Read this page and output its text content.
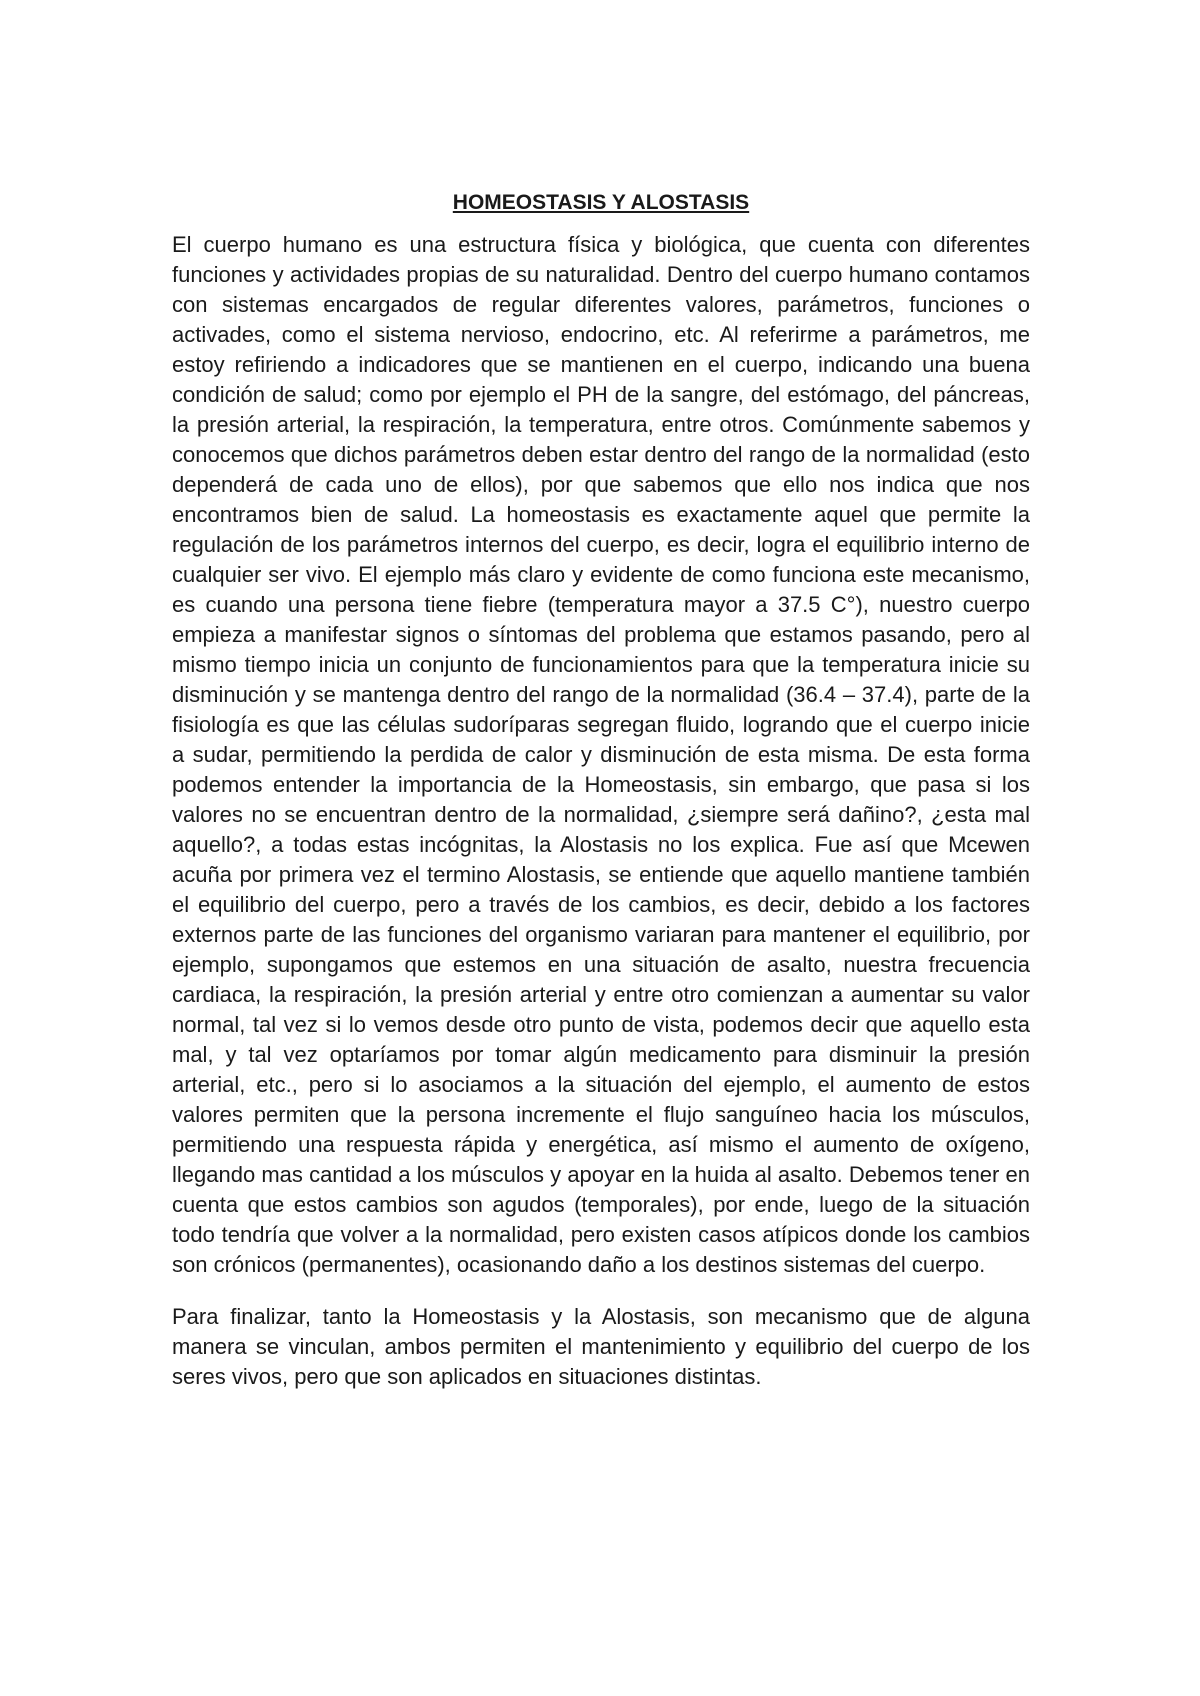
HOMEOSTASIS Y ALOSTASIS

El cuerpo humano es una estructura física y biológica, que cuenta con diferentes funciones y actividades propias de su naturalidad. Dentro del cuerpo humano contamos con sistemas encargados de regular diferentes valores, parámetros, funciones o activades, como el sistema nervioso, endocrino, etc. Al referirme a parámetros, me estoy refiriendo a indicadores que se mantienen en el cuerpo, indicando una buena condición de salud; como por ejemplo el PH de la sangre, del estómago, del páncreas, la presión arterial, la respiración, la temperatura, entre otros. Comúnmente sabemos y conocemos que dichos parámetros deben estar dentro del rango de la normalidad (esto dependerá de cada uno de ellos), por que sabemos que ello nos indica que nos encontramos bien de salud. La homeostasis es exactamente aquel que permite la regulación de los parámetros internos del cuerpo, es decir, logra el equilibrio interno de cualquier ser vivo. El ejemplo más claro y evidente de como funciona este mecanismo, es cuando una persona tiene fiebre (temperatura mayor a 37.5 C°), nuestro cuerpo empieza a manifestar signos o síntomas del problema que estamos pasando, pero al mismo tiempo inicia un conjunto de funcionamientos para que la temperatura inicie su disminución y se mantenga dentro del rango de la normalidad (36.4 – 37.4), parte de la fisiología es que las células sudoríparas segregan fluido, logrando que el cuerpo inicie a sudar, permitiendo la perdida de calor y disminución de esta misma. De esta forma podemos entender la importancia de la Homeostasis, sin embargo, que pasa si los valores no se encuentran dentro de la normalidad, ¿siempre será dañino?, ¿esta mal aquello?, a todas estas incógnitas, la Alostasis no los explica. Fue así que Mcewen acuña por primera vez el termino Alostasis, se entiende que aquello mantiene también el equilibrio del cuerpo, pero a través de los cambios, es decir, debido a los factores externos parte de las funciones del organismo variaran para mantener el equilibrio, por ejemplo, supongamos que estemos en una situación de asalto, nuestra frecuencia cardiaca, la respiración, la presión arterial y entre otro comienzan a aumentar su valor normal, tal vez si lo vemos desde otro punto de vista, podemos decir que aquello esta mal, y tal vez optaríamos por tomar algún medicamento para disminuir la presión arterial, etc., pero si lo asociamos a la situación del ejemplo, el aumento de estos valores permiten que la persona incremente el flujo sanguíneo hacia los músculos, permitiendo una respuesta rápida y energética, así mismo el aumento de oxígeno, llegando mas cantidad a los músculos y apoyar en la huida al asalto. Debemos tener en cuenta que estos cambios son agudos (temporales), por ende, luego de la situación todo tendría que volver a la normalidad, pero existen casos atípicos donde los cambios son crónicos (permanentes), ocasionando daño a los destinos sistemas del cuerpo.

Para finalizar, tanto la Homeostasis y la Alostasis, son mecanismo que de alguna manera se vinculan, ambos permiten el mantenimiento y equilibrio del cuerpo de los seres vivos, pero que son aplicados en situaciones distintas.
